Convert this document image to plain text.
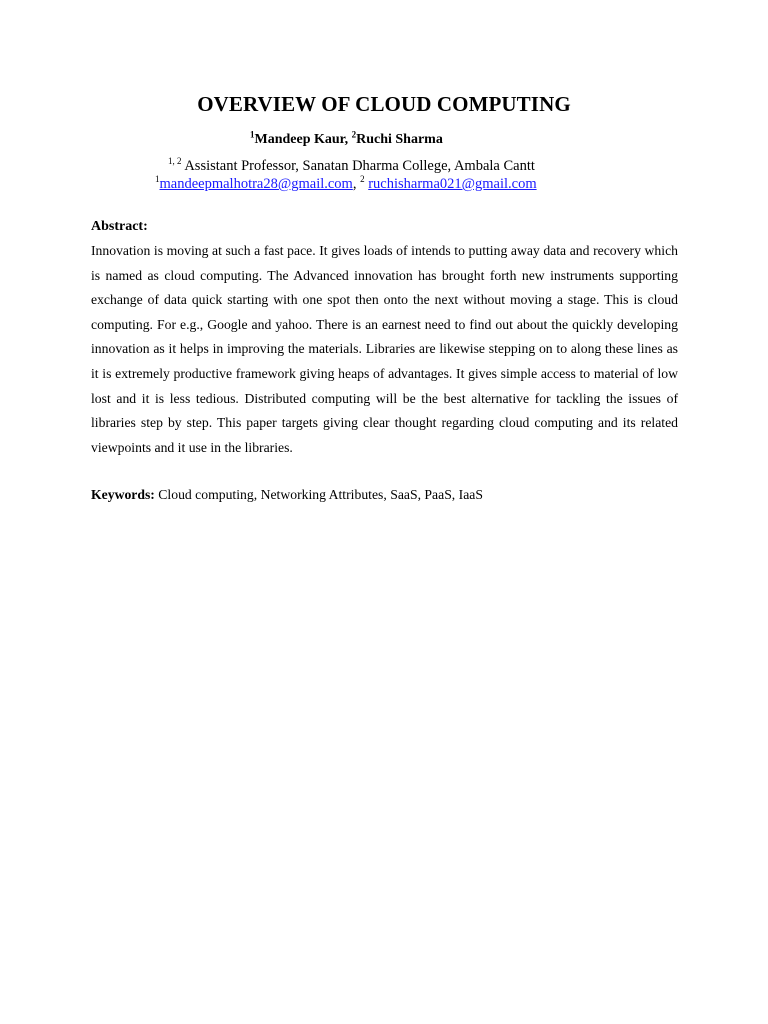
OVERVIEW OF CLOUD COMPUTING
$^1$Mandeep Kaur, $^2$Ruchi Sharma
$^{1, 2}$ Assistant Professor, Sanatan Dharma College, Ambala Cantt
$^1$mandeepmalhotra28@gmail.com, $^2$ ruchisharma021@gmail.com
Abstract:

Innovation is moving at such a fast pace. It gives loads of intends to putting away data and recovery which is named as cloud computing. The Advanced innovation has brought forth new instruments supporting exchange of data quick starting with one spot then onto the next without moving a stage. This is cloud computing. For e.g., Google and yahoo. There is an earnest need to find out about the quickly developing innovation as it helps in improving the materials. Libraries are likewise stepping on to along these lines as it is extremely productive framework giving heaps of advantages. It gives simple access to material of low lost and it is less tedious. Distributed computing will be the best alternative for tackling the issues of libraries step by step. This paper targets giving clear thought regarding cloud computing and its related viewpoints and it use in the libraries.

Keywords: Cloud computing, Networking Attributes, SaaS, PaaS, IaaS
